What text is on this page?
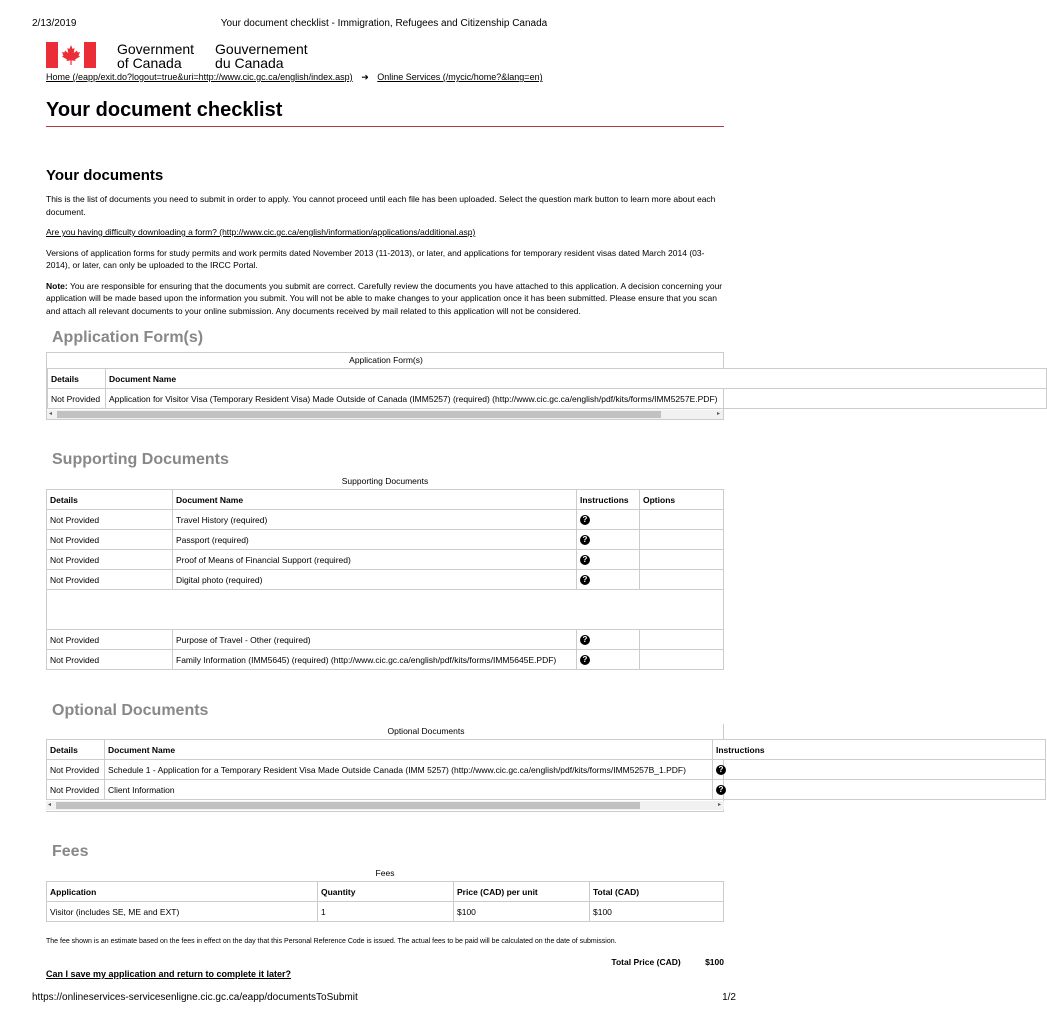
2/13/2019	Your document checklist - Immigration, Refugees and Citizenship Canada
Government
of Canada
Gouvernement
du Canada
Home (/eapp/exit.do?logout=true&uri=http://www.cic.gc.ca/english/index.asp) ➜ Online Services (/mycic/home?&lang=en)
Your document checklist
Your documents

This is the list of documents you need to submit in order to apply. You cannot proceed until each file has been uploaded. Select the question mark button to learn more about each document.

Are you having difficulty downloading a form? (http://www.cic.gc.ca/english/information/applications/additional.asp)

Versions of application forms for study permits and work permits dated November 2013 (11-2013), or later, and applications for temporary resident visas dated March 2014 (03-2014), or later, can only be uploaded to the IRCC Portal.

Note: You are responsible for ensuring that the documents you submit are correct. Carefully review the documents you have attached to this application. A decision concerning your application will be made based upon the information you submit. You will not be able to make changes to your application once it has been submitted. Please ensure that you scan and attach all relevant documents to your online submission. Any documents received by mail related to this application will not be considered.

Application Form(s)
Application Form(s)
Details	Document Name
Not Provided	Application for Visitor Visa (Temporary Resident Visa) Made Outside of Canada (IMM5257) (required) (http://www.cic.gc.ca/english/pdf/kits/forms/IMM5257E.PDF)
◂	▸
Supporting Documents
Supporting Documents
Details	Document Name	Instructions	Options
Not Provided	Travel History (required)	?	
Not Provided	Passport (required)	?	
Not Provided	Proof of Means of Financial Support (required)	?	
Not Provided	Digital photo (required)	?	

Not Provided	Purpose of Travel - Other (required)	?	
Not Provided	Family Information (IMM5645) (required) (http://www.cic.gc.ca/english/pdf/kits/forms/IMM5645E.PDF)	?	
Optional Documents
Optional Documents
Details	Document Name	Instructions
Not Provided	Schedule 1 - Application for a Temporary Resident Visa Made Outside Canada (IMM 5257) (http://www.cic.gc.ca/english/pdf/kits/forms/IMM5257B_1.PDF)	?
Not Provided	Client Information	?
◂	▸
Fees
Fees
Application	Quantity	Price (CAD) per unit	Total (CAD)
Visitor (includes SE, ME and EXT)	1	$100	$100
The fee shown is an estimate based on the fees in effect on the day that this Personal Reference Code is issued. The actual fees to be paid will be calculated on the date of submission.
Total Price (CAD)	$100
Can I save my application and return to complete it later?
https://onlineservices-servicesenligne.cic.gc.ca/eapp/documentsToSubmit	1/2
